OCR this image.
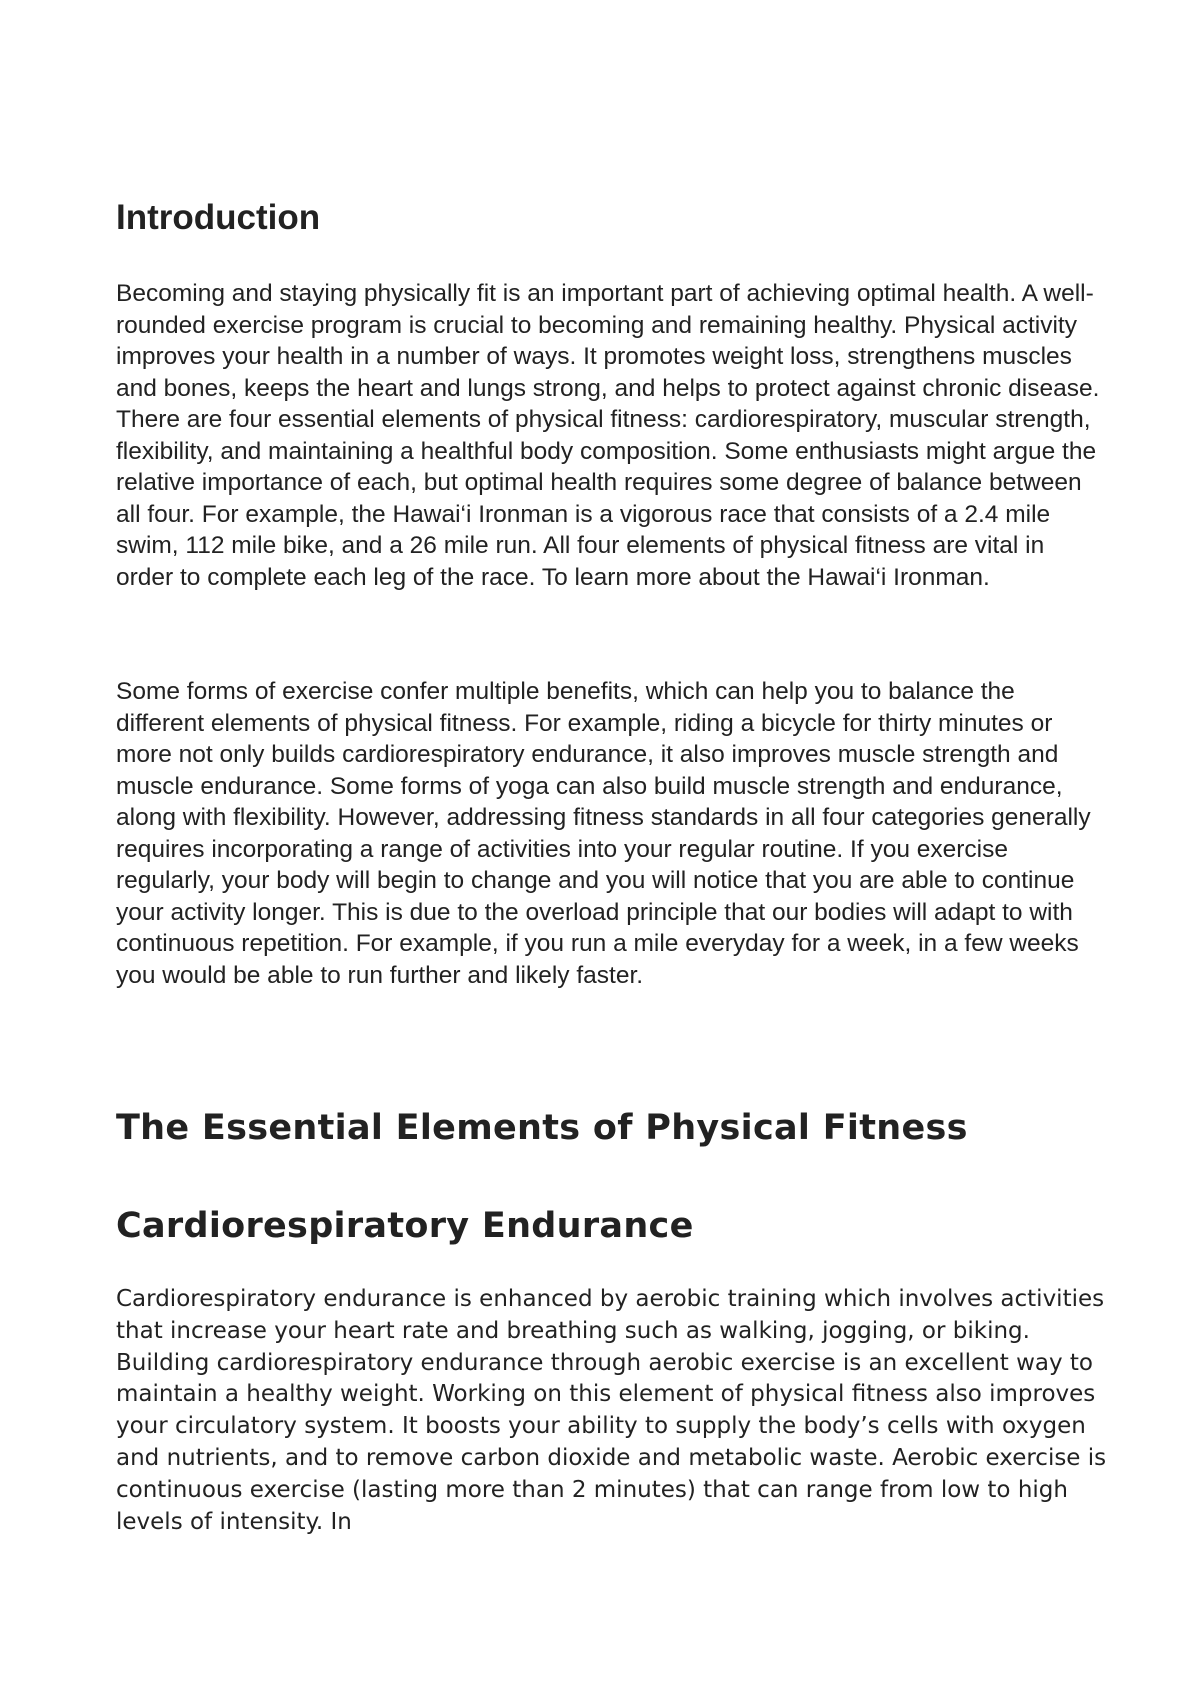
Introduction

Becoming and staying physically fit is an important part of achieving optimal health. A well-rounded exercise program is crucial to becoming and remaining healthy. Physical activity improves your health in a number of ways. It promotes weight loss, strengthens muscles and bones, keeps the heart and lungs strong, and helps to protect against chronic disease. There are four essential elements of physical fitness: cardiorespiratory, muscular strength, flexibility, and maintaining a healthful body composition. Some enthusiasts might argue the relative importance of each, but optimal health requires some degree of balance between all four. For example, the Hawai‘i Ironman is a vigorous race that consists of a 2.4 mile swim, 112 mile bike, and a 26 mile run. All four elements of physical fitness are vital in order to complete each leg of the race. To learn more about the Hawai‘i Ironman.

Some forms of exercise confer multiple benefits, which can help you to balance the different elements of physical fitness. For example, riding a bicycle for thirty minutes or more not only builds cardiorespiratory endurance, it also improves muscle strength and muscle endurance. Some forms of yoga can also build muscle strength and endurance, along with flexibility. However, addressing fitness standards in all four categories generally requires incorporating a range of activities into your regular routine. If you exercise regularly, your body will begin to change and you will notice that you are able to continue your activity longer. This is due to the overload principle that our bodies will adapt to with continuous repetition. For example, if you run a mile everyday for a week, in a few weeks you would be able to run further and likely faster.

The Essential Elements of Physical Fitness
Cardiorespiratory Endurance

Cardiorespiratory endurance is enhanced by aerobic training which involves activities that increase your heart rate and breathing such as walking, jogging, or biking. Building cardiorespiratory endurance through aerobic exercise is an excellent way to maintain a healthy weight. Working on this element of physical fitness also improves your circulatory system. It boosts your ability to supply the body’s cells with oxygen and nutrients, and to remove carbon dioxide and metabolic waste. Aerobic exercise is continuous exercise (lasting more than 2 minutes) that can range from low to high levels of intensity. In
